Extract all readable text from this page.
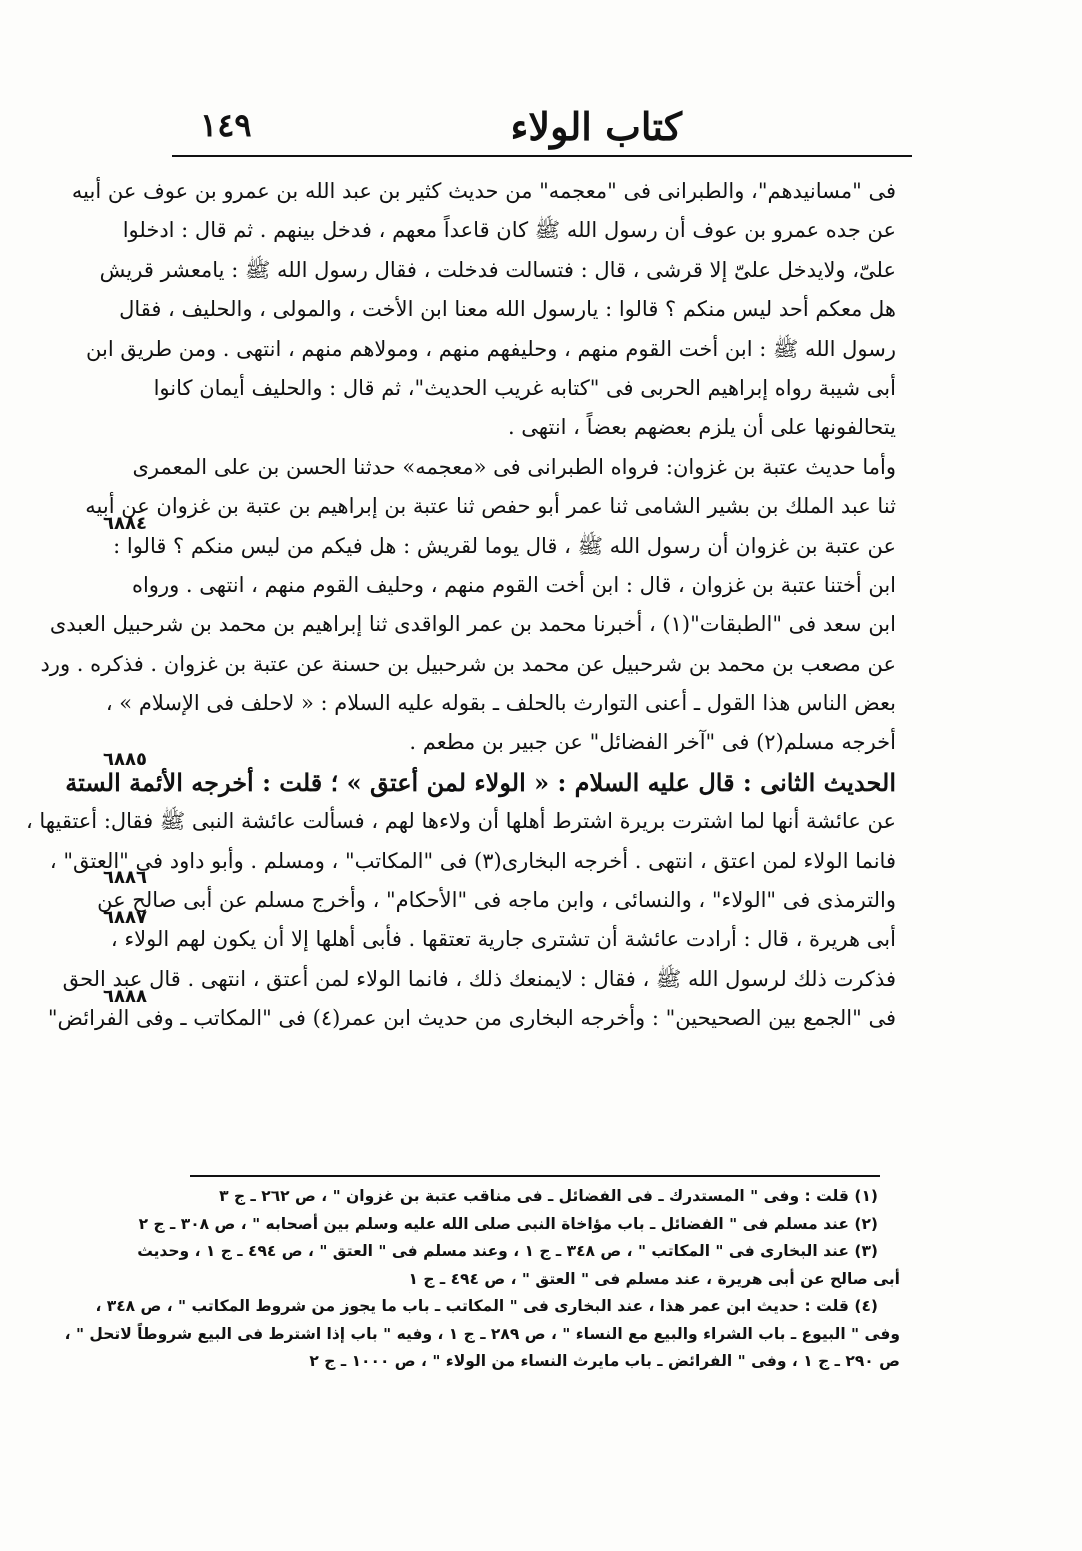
كتاب الولاء
١٤٩
فى "مسانيدهم"، والطبرانى فى "معجمه" من حديث كثير بن عبد الله بن عمرو بن عوف عن أبيه
عن جده عمرو بن عوف أن رسول الله ﷺ كان قاعداً معهم ، فدخل بينهم . ثم قال : ادخلوا
علىّ، ولايدخل علىّ إلا قرشى ، قال : فتسالت فدخلت ، فقال رسول الله ﷺ : يامعشر قريش
هل معكم أحد ليس منكم ؟ قالوا : يارسول الله معنا ابن الأخت ، والمولى ، والحليف ، فقال
رسول الله ﷺ : ابن أخت القوم منهم ، وحليفهم منهم ، ومولاهم منهم ، انتهى . ومن طريق ابن
أبى شيبة رواه إبراهيم الحربى فى "كتابه غريب الحديث"، ثم قال : والحليف أيمان كانوا
يتحالفونها على أن يلزم بعضهم بعضاً ، انتهى .
وأما حديث عتبة بن غزوان: فرواه الطبرانى فى «معجمه» حدثنا الحسن بن على المعمرى
ثنا عبد الملك بن بشير الشامى ثنا عمر أبو حفص ثنا عتبة بن إبراهيم بن عتبة بن غزوان عن أبيه
عن عتبة بن غزوان أن رسول الله ﷺ ، قال يوما لقريش : هل فيكم من ليس منكم ؟ قالوا :
ابن أختنا عتبة بن غزوان ، قال : ابن أخت القوم منهم ، وحليف القوم منهم ، انتهى . ورواه
ابن سعد فى "الطبقات"(١) ، أخبرنا محمد بن عمر الواقدى ثنا إبراهيم بن محمد بن شرحبيل العبدى
عن مصعب بن محمد بن شرحبيل عن محمد بن شرحبيل بن حسنة عن عتبة بن غزوان . فذكره . ورد
بعض الناس هذا القول ـ أعنى التوارث بالحلف ـ بقوله عليه السلام : « لاحلف فى الإسلام » ،
أخرجه مسلم(٢) فى "آخر الفضائل" عن جبير بن مطعم .
الحديث الثانى : قال عليه السلام : « الولاء لمن أعتق » ؛ قلت : أخرجه الأئمة الستة
عن عائشة أنها لما اشترت بريرة اشترط أهلها أن ولاءها لهم ، فسألت عائشة النبى ﷺ فقال: أعتقيها ،
فانما الولاء لمن اعتق ، انتهى . أخرجه البخارى(٣) فى "المكاتب" ، ومسلم . وأبو داود فى "العتق" ،
والترمذى فى "الولاء" ، والنسائى ، وابن ماجه فى "الأحكام" ، وأخرج مسلم عن أبى صالح عن
أبى هريرة ، قال : أرادت عائشة أن تشترى جارية تعتقها . فأبى أهلها إلا أن يكون لهم الولاء ،
فذكرت ذلك لرسول الله ﷺ ، فقال : لايمنعك ذلك ، فانما الولاء لمن أعتق ، انتهى . قال عبد الحق
فى "الجمع بين الصحيحين" : وأخرجه البخارى من حديث ابن عمر(٤) فى "المكاتب ـ وفى الفرائض"
٦٨٨٤
٦٨٨٥
٦٨٨٦
٦٨٨٧
٦٨٨٨
(١) قلت : وفى " المستدرك ـ فى الفضائل ـ فى مناقب عتبة بن غزوان " ، ص ٢٦٢ ـ ج ٣
(٢) عند مسلم فى " الفضائل ـ باب مؤاخاة النبى صلى الله عليه وسلم بين أصحابه " ، ص ٣٠٨ ـ ج ٢
(٣) عند البخارى فى " المكاتب " ، ص ٣٤٨ ـ ج ١ ، وعند مسلم فى " العتق " ، ص ٤٩٤ ـ ج ١ ، وحديث
أبى صالح عن أبى هريرة ، عند مسلم فى " العتق " ، ص ٤٩٤ ـ ج ١
(٤) قلت : حديث ابن عمر هذا ، عند البخارى فى " المكاتب ـ باب ما يجوز من شروط المكاتب " ، ص ٣٤٨ ،
وفى " البيوع ـ باب الشراء والبيع مع النساء " ، ص ٢٨٩ ـ ج ١ ، وفيه " باب إذا اشترط فى البيع شروطاً لاتحل " ،
ص ٢٩٠ ـ ج ١ ، وفى " الفرائض ـ باب مايرث النساء من الولاء " ، ص ١٠٠٠ ـ ج ٢
